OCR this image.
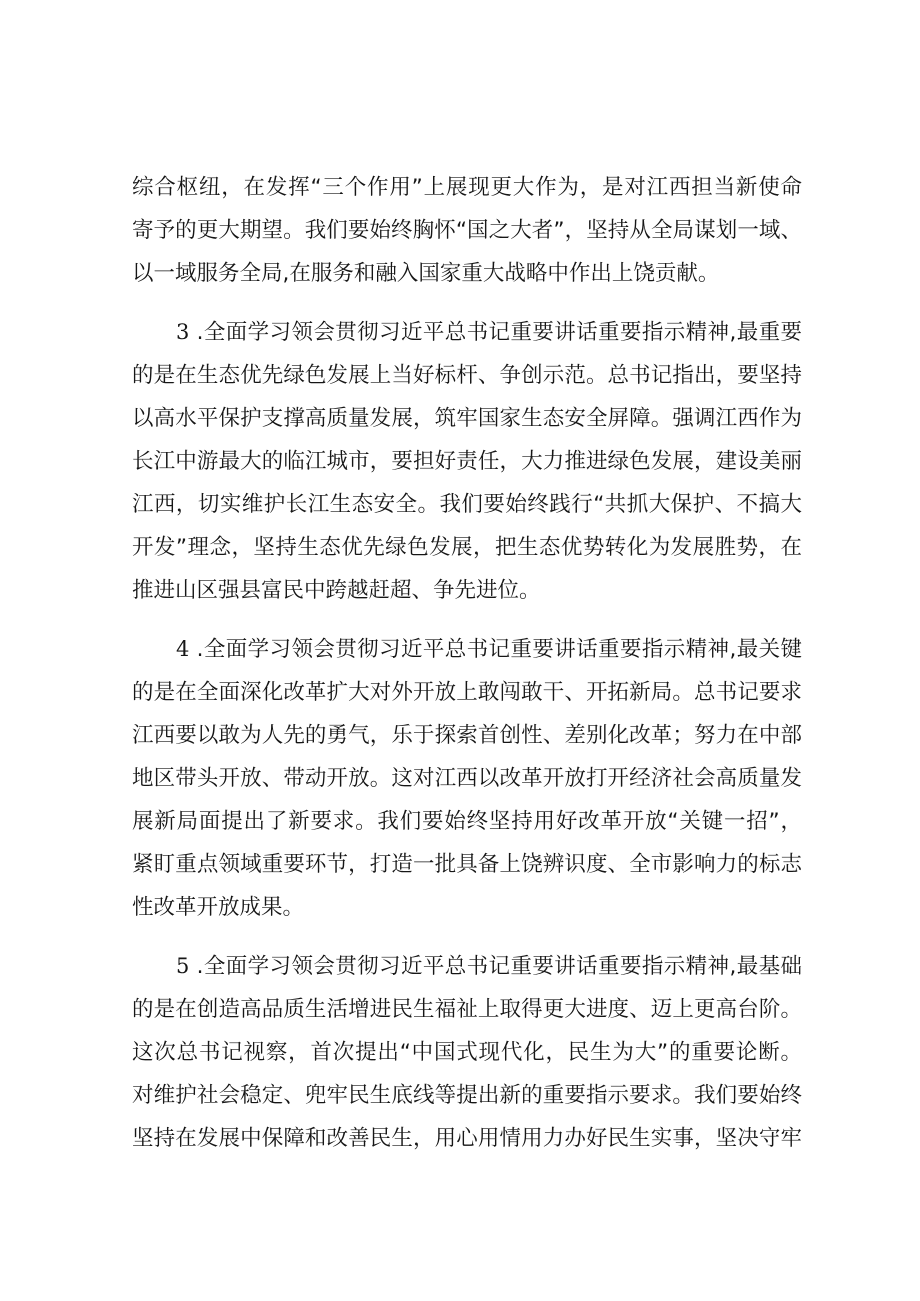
综合枢纽，在发挥“三个作用”上展现更大作为，是对江西担当新使命
寄予的更大期望。我们要始终胸怀“国之大者”，坚持从全局谋划一域、
以一域服务全局,在服务和融入国家重大战略中作出上饶贡献。
3 .全面学习领会贯彻习近平总书记重要讲话重要指示精神,最重要
的是在生态优先绿色发展上当好标杆、争创示范。总书记指出，要坚持
以高水平保护支撑高质量发展，筑牢国家生态安全屏障。强调江西作为
长江中游最大的临江城市，要担好责任，大力推进绿色发展，建设美丽
江西，切实维护长江生态安全。我们要始终践行“共抓大保护、不搞大
开发”理念，坚持生态优先绿色发展，把生态优势转化为发展胜势，在
推进山区强县富民中跨越赶超、争先进位。
4 .全面学习领会贯彻习近平总书记重要讲话重要指示精神,最关键
的是在全面深化改革扩大对外开放上敢闯敢干、开拓新局。总书记要求
江西要以敢为人先的勇气，乐于探索首创性、差别化改革；努力在中部
地区带头开放、带动开放。这对江西以改革开放打开经济社会高质量发
展新局面提出了新要求。我们要始终坚持用好改革开放“关键一招”，
紧盯重点领域重要环节，打造一批具备上饶辨识度、全市影响力的标志
性改革开放成果。
5 .全面学习领会贯彻习近平总书记重要讲话重要指示精神,最基础
的是在创造高品质生活增进民生福祉上取得更大进度、迈上更高台阶。
这次总书记视察，首次提出“中国式现代化，民生为大”的重要论断。
对维护社会稳定、兜牢民生底线等提出新的重要指示要求。我们要始终
坚持在发展中保障和改善民生，用心用情用力办好民生实事，坚决守牢
